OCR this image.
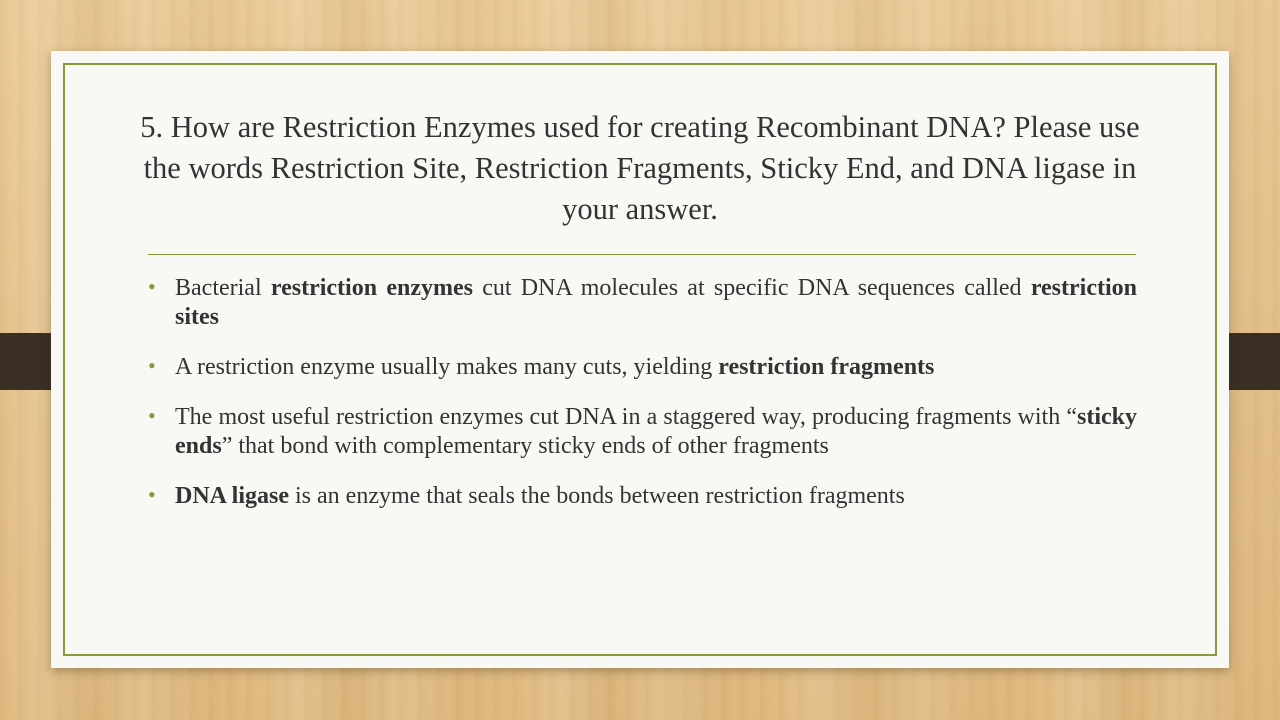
5. How are Restriction Enzymes used for creating Recombinant DNA? Please use the words Restriction Site, Restriction Fragments, Sticky End, and DNA ligase in your answer.
• Bacterial restriction enzymes cut DNA molecules at specific DNA sequences called restriction sites
• A restriction enzyme usually makes many cuts, yielding restriction fragments
• The most useful restriction enzymes cut DNA in a staggered way, producing fragments with “sticky ends” that bond with complementary sticky ends of other fragments
• DNA ligase is an enzyme that seals the bonds between restriction fragments
